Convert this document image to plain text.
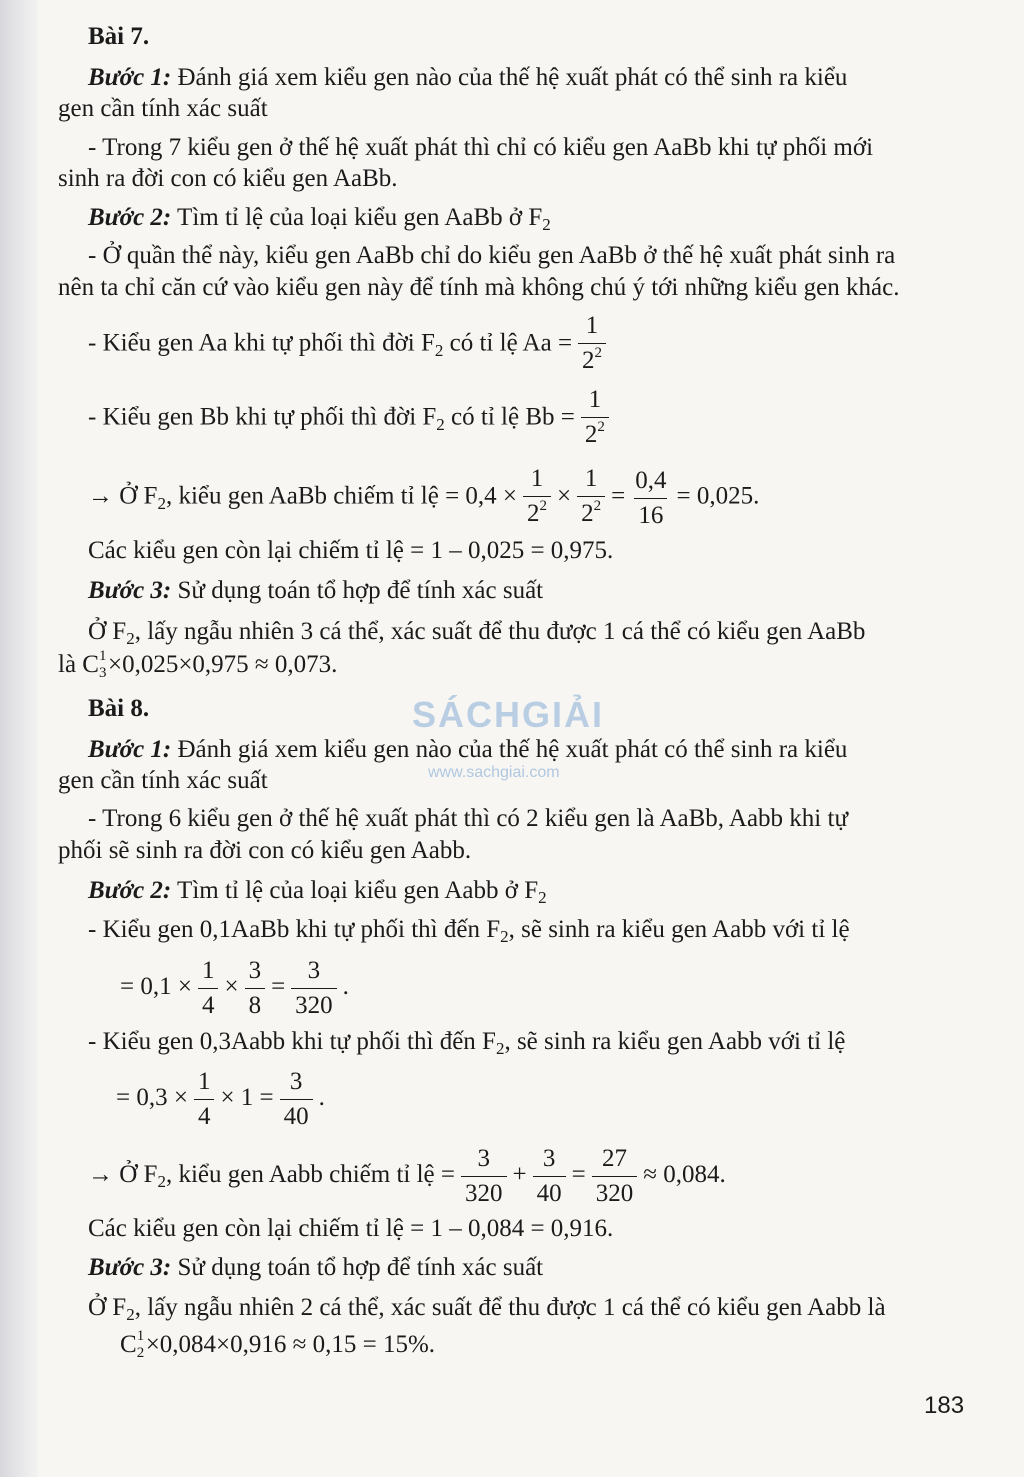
Bài 7.
Bước 1: Đánh giá xem kiểu gen nào của thế hệ xuất phát có thể sinh ra kiểu
gen cần tính xác suất
- Trong 7 kiểu gen ở thế hệ xuất phát thì chỉ có kiểu gen AaBb khi tự phối mới
sinh ra đời con có kiểu gen AaBb.
Bước 2: Tìm tỉ lệ của loại kiểu gen AaBb ở $F_2$
- Ở quần thể này, kiểu gen AaBb chỉ do kiểu gen AaBb ở thế hệ xuất phát sinh ra
nên ta chỉ căn cứ vào kiểu gen này để tính mà không chú ý tới những kiểu gen khác.
- Kiểu gen Aa khi tự phối thì đời $F_2$ có tỉ lệ $Aa = \frac{1}{2^2}$
- Kiểu gen Bb khi tự phối thì đời $F_2$ có tỉ lệ $Bb = \frac{1}{2^2}$
→ Ở $F_2$, kiểu gen AaBb chiếm tỉ lệ = $0,4 \times \frac{1}{2^2} \times \frac{1}{2^2} = \frac{0,4}{16} = 0,025$.
Các kiểu gen còn lại chiếm tỉ lệ = 1 – 0,025 = 0,975.
Bước 3: Sử dụng toán tổ hợp để tính xác suất
Ở $F_2$, lấy ngẫu nhiên 3 cá thể, xác suất để thu được 1 cá thể có kiểu gen AaBb
là C 1
3 ×0,025×0,975 ≈ 0,073.
Bài 8.
Bước 1: Đánh giá xem kiểu gen nào của thế hệ xuất phát có thể sinh ra kiểu
gen cần tính xác suất
- Trong 6 kiểu gen ở thế hệ xuất phát thì có 2 kiểu gen là AaBb, Aabb khi tự
phối sẽ sinh ra đời con có kiểu gen Aabb.
Bước 2: Tìm tỉ lệ của loại kiểu gen Aabb ở $F_2$
- Kiểu gen 0,1AaBb khi tự phối thì đến $F_2$, sẽ sinh ra kiểu gen Aabb với tỉ lệ
= $0,1 \times \frac{1}{4} \times \frac{3}{8} = \frac{3}{320}$ .
- Kiểu gen 0,3Aabb khi tự phối thì đến $F_2$, sẽ sinh ra kiểu gen Aabb với tỉ lệ
= $0,3 \times \frac{1}{4} \times 1 = \frac{3}{40}$ .
→ Ở $F_2$, kiểu gen Aabb chiếm tỉ lệ = $\frac{3}{320} + \frac{3}{40} = \frac{27}{320} \approx 0,084$.
Các kiểu gen còn lại chiếm tỉ lệ = 1 – 0,084 = 0,916.
Bước 3: Sử dụng toán tổ hợp để tính xác suất
Ở $F_2$, lấy ngẫu nhiên 2 cá thể, xác suất để thu được 1 cá thể có kiểu gen Aabb là
C 1
2 ×0,084×0,916 ≈ 0,15 = 15%.
SÁCHGIẢI
www.sachgiai.com
183
